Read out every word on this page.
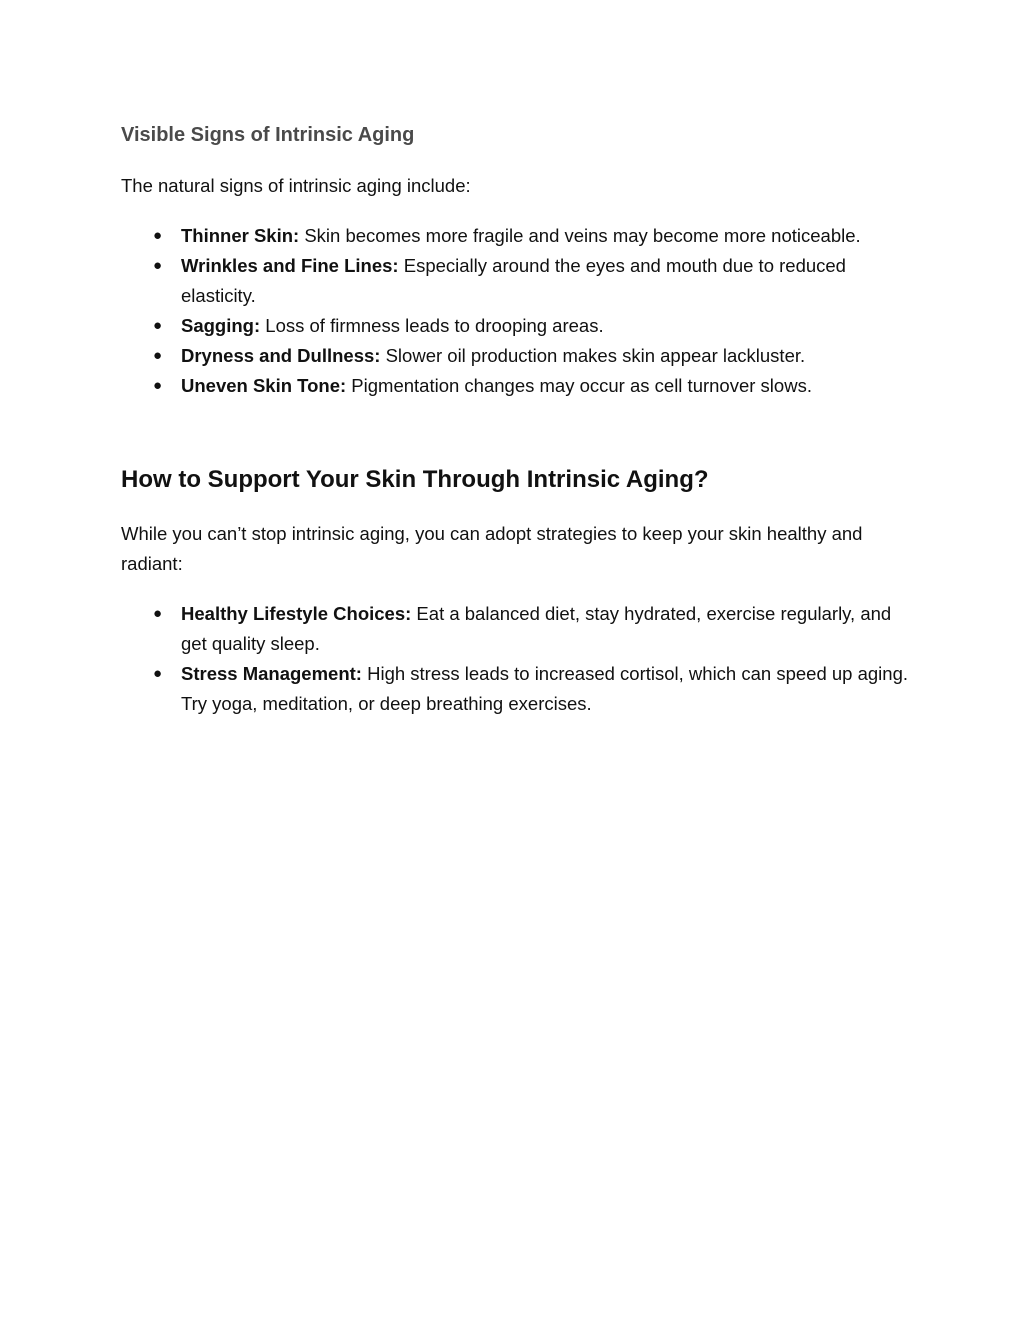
Visible Signs of Intrinsic Aging

The natural signs of intrinsic aging include:

● Thinner Skin: Skin becomes more fragile and veins may become more noticeable.
● Wrinkles and Fine Lines: Especially around the eyes and mouth due to reduced elasticity.
● Sagging: Loss of firmness leads to drooping areas.
● Dryness and Dullness: Slower oil production makes skin appear lackluster.
● Uneven Skin Tone: Pigmentation changes may occur as cell turnover slows.
How to Support Your Skin Through Intrinsic Aging?

While you can’t stop intrinsic aging, you can adopt strategies to keep your skin healthy and radiant:

● Healthy Lifestyle Choices: Eat a balanced diet, stay hydrated, exercise regularly, and get quality sleep.
● Stress Management: High stress leads to increased cortisol, which can speed up aging. Try yoga, meditation, or deep breathing exercises.
